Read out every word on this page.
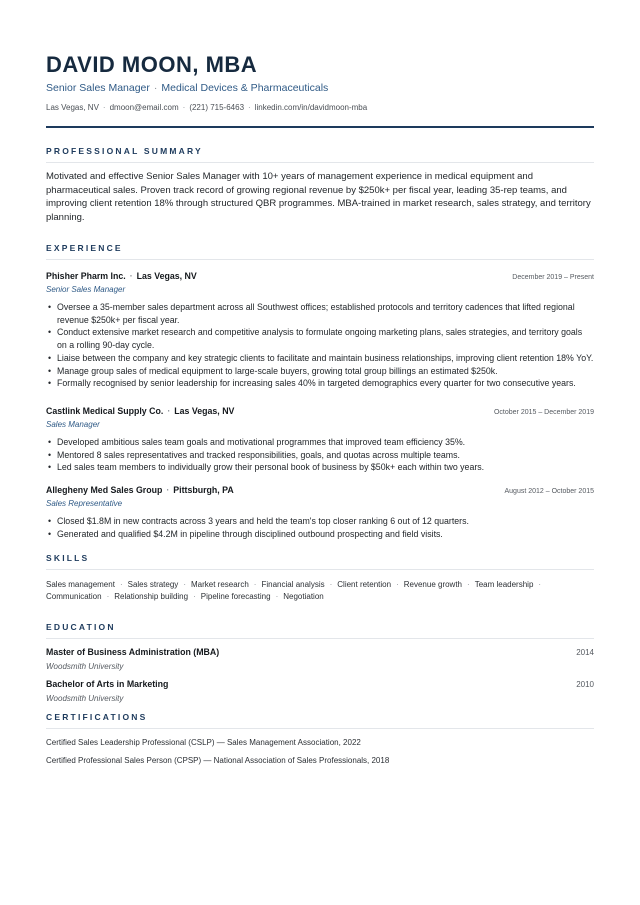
DAVID MOON, MBA
Senior Sales Manager · Medical Devices & Pharmaceuticals
Las Vegas, NV · dmoon@email.com · (221) 715-6463 · linkedin.com/in/davidmoon-mba
PROFESSIONAL SUMMARY
Motivated and effective Senior Sales Manager with 10+ years of management experience in medical equipment and pharmaceutical sales. Proven track record of growing regional revenue by $250k+ per fiscal year, leading 35-rep teams, and improving client retention 18% through structured QBR programmes. MBA-trained in market research, sales strategy, and territory planning.
EXPERIENCE
Phisher Pharm Inc. · Las Vegas, NV	December 2019 – Present
Senior Sales Manager
• Oversee a 35-member sales department across all Southwest offices; established protocols and territory cadences that lifted regional revenue $250k+ per fiscal year.
• Conduct extensive market research and competitive analysis to formulate ongoing marketing plans, sales strategies, and territory goals on a rolling 90-day cycle.
• Liaise between the company and key strategic clients to facilitate and maintain business relationships, improving client retention 18% YoY.
• Manage group sales of medical equipment to large-scale buyers, growing total group billings an estimated $250k.
• Formally recognised by senior leadership for increasing sales 40% in targeted demographics every quarter for two consecutive years.
Castlink Medical Supply Co. · Las Vegas, NV	October 2015 – December 2019
Sales Manager
• Developed ambitious sales team goals and motivational programmes that improved team efficiency 35%.
• Mentored 8 sales representatives and tracked responsibilities, goals, and quotas across multiple teams.
• Led sales team members to individually grow their personal book of business by $50k+ each within two years.
Allegheny Med Sales Group · Pittsburgh, PA	August 2012 – October 2015
Sales Representative
• Closed $1.8M in new contracts across 3 years and held the team's top closer ranking 6 out of 12 quarters.
• Generated and qualified $4.2M in pipeline through disciplined outbound prospecting and field visits.
SKILLS
Sales management · Sales strategy · Market research · Financial analysis · Client retention · Revenue growth · Team leadership ·
Communication · Relationship building · Pipeline forecasting · Negotiation
EDUCATION
Master of Business Administration (MBA)	2014
Woodsmith University
Bachelor of Arts in Marketing	2010
Woodsmith University
CERTIFICATIONS
Certified Sales Leadership Professional (CSLP) — Sales Management Association, 2022
Certified Professional Sales Person (CPSP) — National Association of Sales Professionals, 2018
